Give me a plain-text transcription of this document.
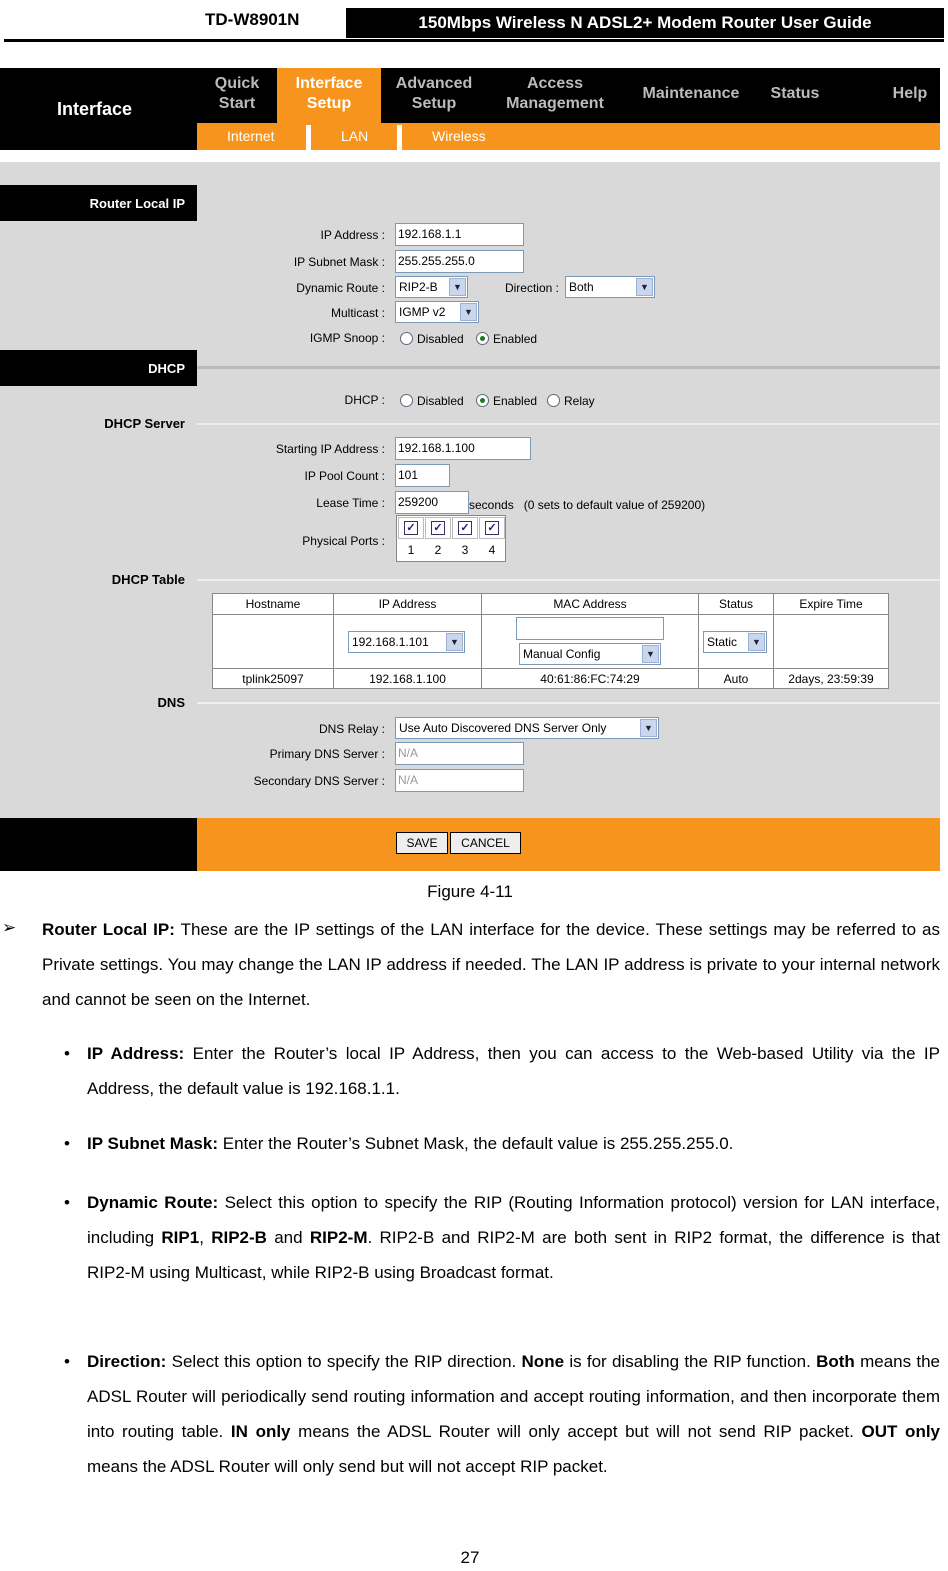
TD-W8901N	150Mbps Wireless N ADSL2+ Modem Router User Guide
Interface
Quick
Start
Interface
Setup
Advanced
Setup
Access
Management
Maintenance	Status	Help
Internet	LAN	Wireless
Router Local IP
IP Address : 192.168.1.1
IP Subnet Mask : 255.255.255.0
Dynamic Route :	RIP2-B	▼	Direction : Both	▼
Multicast :	IGMP v2	▼
IGMP Snoop :	Disabled	Enabled
DHCP
DHCP :	Disabled	Enabled	Relay
DHCP Server
Starting IP Address : 192.168.1.100
IP Pool Count : 101
Lease Time : 259200	seconds   (0 sets to default value of 259200)
Physical Ports :
✓ ✓ ✓ ✓
1	2	3	4
DHCP Table
Hostname	IP Address	MAC Address	Status	Expire Time

	192.168.1.101 ▼	Manual Config ▼	Static ▼	

tplink25097	192.168.1.100	40:61:86:FC:74:29	Auto	2days, 23:59:39
DNS
DNS Relay :	Use Auto Discovered DNS Server Only	▼
Primary DNS Server : N/A
Secondary DNS Server : N/A
SAVE	CANCEL
Figure 4-11
➢ Router Local IP: These are the IP settings of the LAN interface for the device. These settings may be referred to as Private settings. You may change the LAN IP address if needed. The LAN IP address is private to your internal network and cannot be seen on the Internet.
• IP Address: Enter the Router’s local IP Address, then you can access to the Web-based Utility via the IP Address, the default value is 192.168.1.1.
• IP Subnet Mask: Enter the Router’s Subnet Mask, the default value is 255.255.255.0.
• Dynamic Route: Select this option to specify the RIP (Routing Information protocol) version for LAN interface, including RIP1, RIP2-B and RIP2-M. RIP2-B and RIP2-M are both sent in RIP2 format, the difference is that RIP2-M using Multicast, while RIP2-B using Broadcast format.
• Direction: Select this option to specify the RIP direction. None is for disabling the RIP function. Both means the ADSL Router will periodically send routing information and accept routing information, and then incorporate them into routing table. IN only means the ADSL Router will only accept but will not send RIP packet. OUT only means the ADSL Router will only send but will not accept RIP packet.
27
